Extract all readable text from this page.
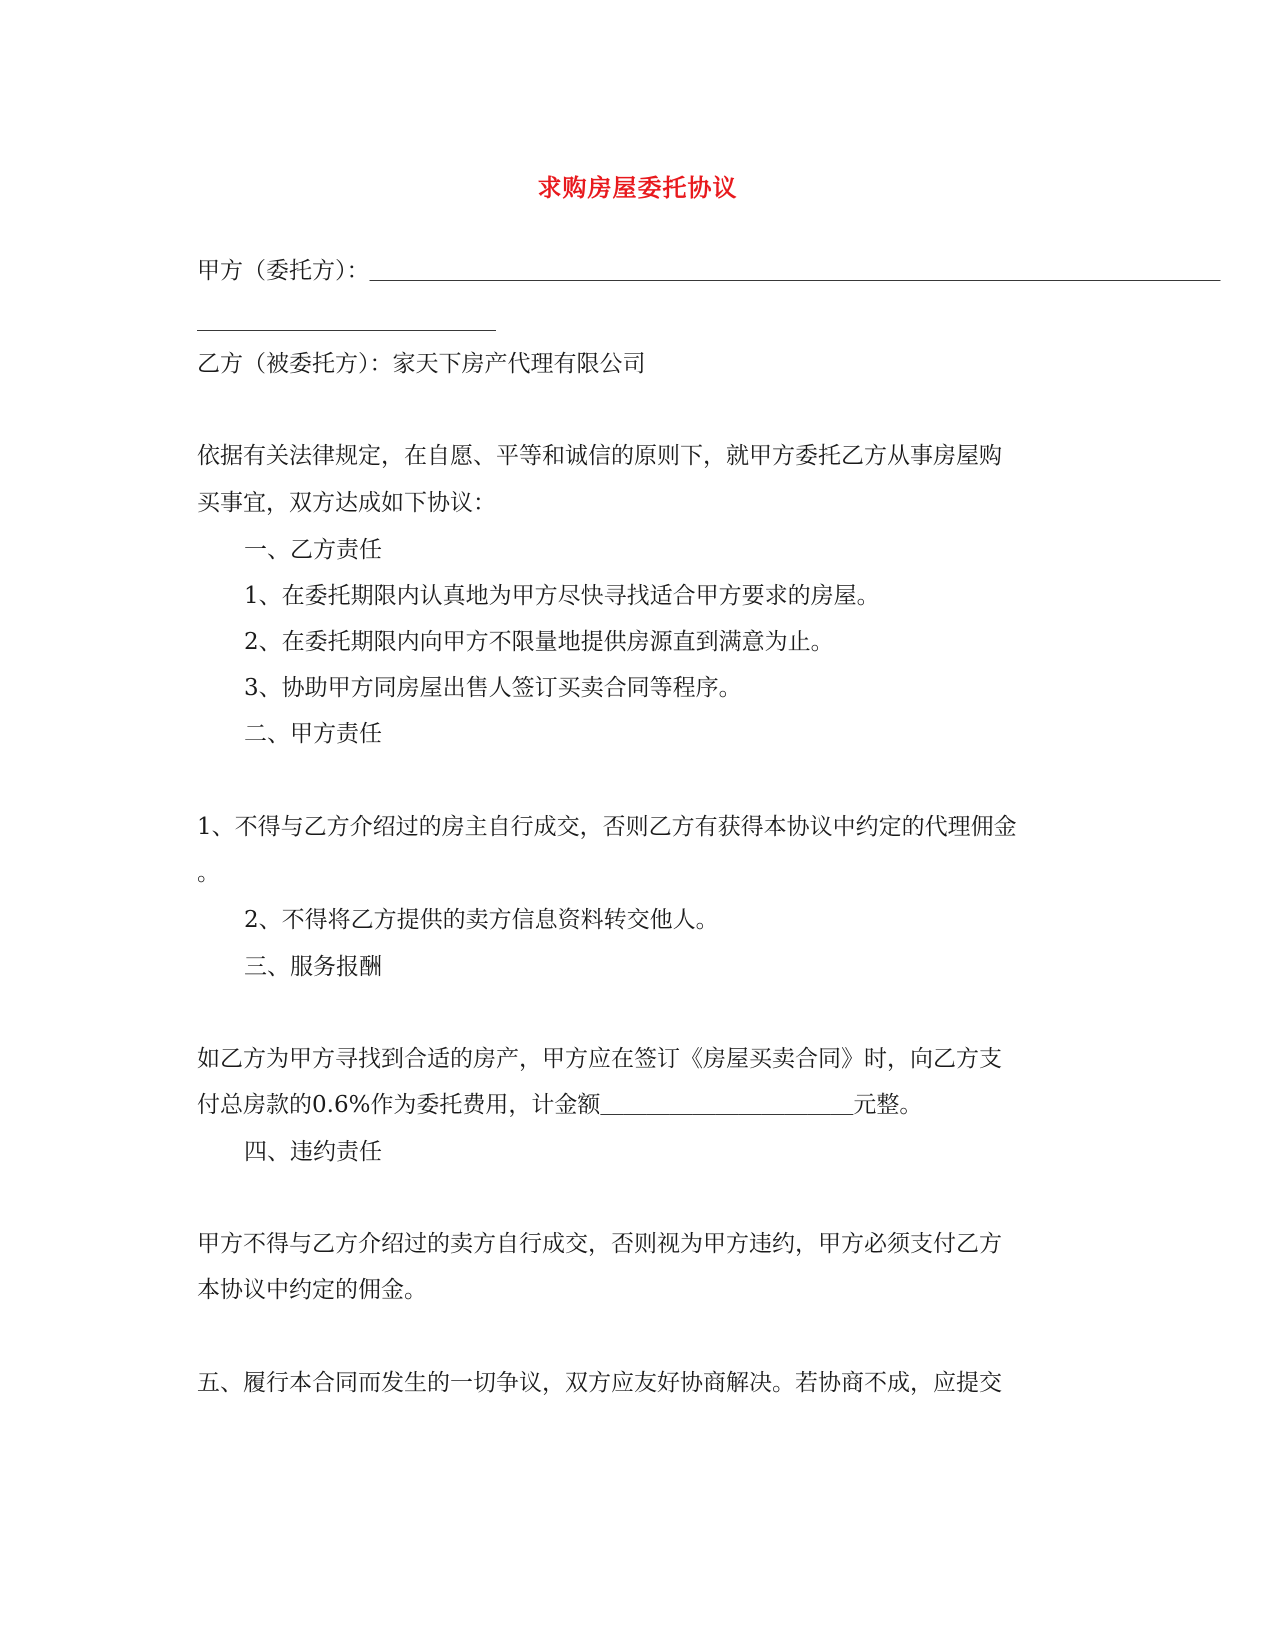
求购房屋委托协议
甲方（委托方）：＿＿＿＿＿＿＿＿＿＿＿＿＿＿＿＿＿＿＿＿＿＿＿＿＿＿＿＿＿＿＿＿＿＿＿＿＿
＿＿＿＿＿＿＿＿＿＿＿＿＿
乙方（被委托方）：家天下房产代理有限公司
依据有关法律规定，在自愿、平等和诚信的原则下，就甲方委托乙方从事房屋购
买事宜，双方达成如下协议：
一、乙方责任
1、在委托期限内认真地为甲方尽快寻找适合甲方要求的房屋。
2、在委托期限内向甲方不限量地提供房源直到满意为止。
3、协助甲方同房屋出售人签订买卖合同等程序。
二、甲方责任
1、不得与乙方介绍过的房主自行成交，否则乙方有获得本协议中约定的代理佣金
。
2、不得将乙方提供的卖方信息资料转交他人。
三、服务报酬
如乙方为甲方寻找到合适的房产，甲方应在签订《房屋买卖合同》时，向乙方支
付总房款的0.6%作为委托费用，计金额＿＿＿＿＿＿＿＿＿＿＿元整。
四、违约责任
甲方不得与乙方介绍过的卖方自行成交，否则视为甲方违约，甲方必须支付乙方
本协议中约定的佣金。
五、履行本合同而发生的一切争议，双方应友好协商解决。若协商不成，应提交
